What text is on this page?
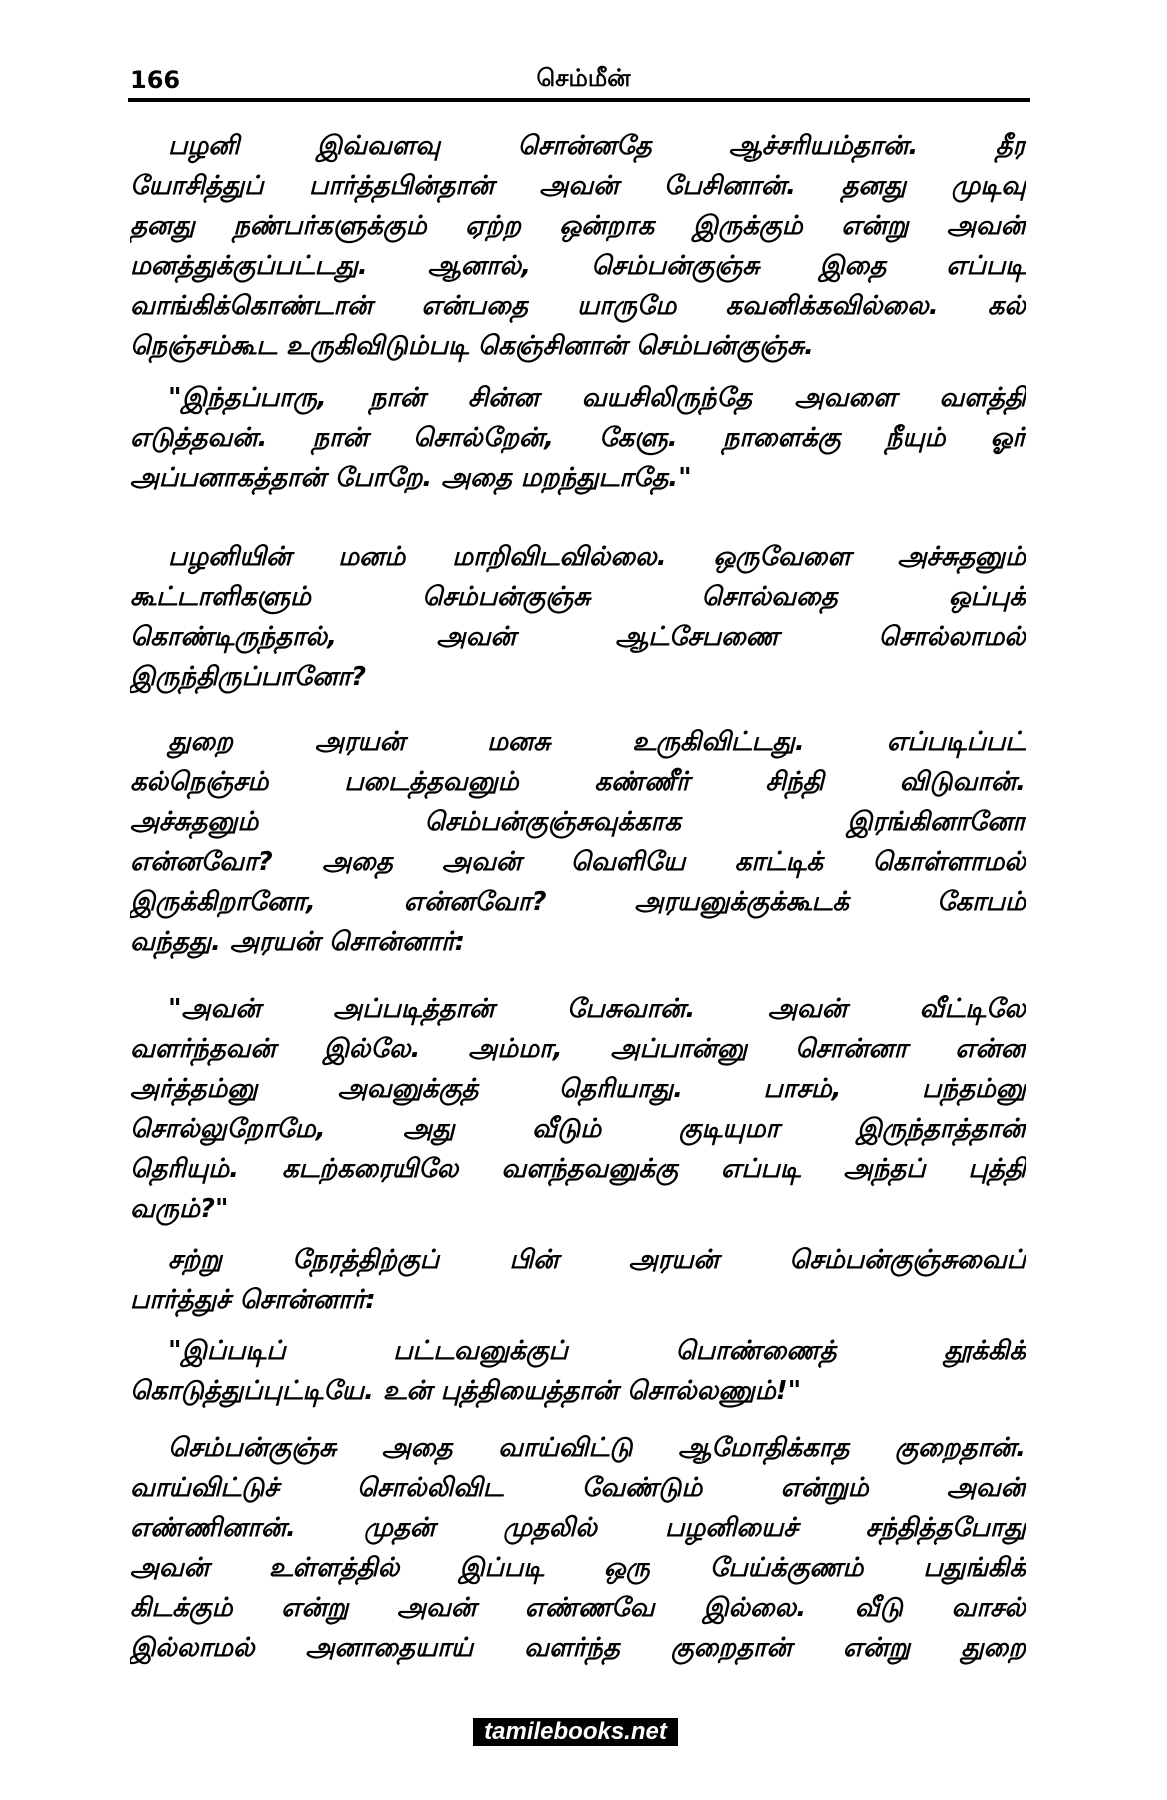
166	செம்மீன்
பழனி இவ்வளவு சொன்னதே ஆச்சரியம்தான். தீர
யோசித்துப் பார்த்தபின்தான் அவன் பேசினான். தனது முடிவு
தனது நண்பர்களுக்கும் ஏற்ற ஒன்றாக இருக்கும் என்று அவன்
மனத்துக்குப்பட்டது. ஆனால், செம்பன்குஞ்சு இதை எப்படி
வாங்கிக்கொண்டான் என்பதை யாருமே கவனிக்கவில்லை. கல்
நெஞ்சம்கூட உருகிவிடும்படி கெஞ்சினான் செம்பன்குஞ்சு.
"இந்தப்பாரு, நான் சின்ன வயசிலிருந்தே அவளை வளத்தி
எடுத்தவன். நான் சொல்றேன், கேளு. நாளைக்கு நீயும் ஓர்
அப்பனாகத்தான் போறே. அதை மறந்துடாதே."
பழனியின் மனம் மாறிவிடவில்லை. ஒருவேளை அச்சுதனும்
கூட்டாளிகளும் செம்பன்குஞ்சு சொல்வதை ஒப்புக்
கொண்டிருந்தால், அவன் ஆட்சேபணை சொல்லாமல்
இருந்திருப்பானோ?
துறை அரயன் மனசு உருகிவிட்டது. எப்படிப்பட்
கல்நெஞ்சம் படைத்தவனும் கண்ணீர் சிந்தி விடுவான்.
அச்சுதனும் செம்பன்குஞ்சுவுக்காக இரங்கினானோ
என்னவோ? அதை அவன் வெளியே காட்டிக் கொள்ளாமல்
இருக்கிறானோ, என்னவோ? அரயனுக்குக்கூடக் கோபம்
வந்தது. அரயன் சொன்னார்:
"அவன் அப்படித்தான் பேசுவான். அவன் வீட்டிலே
வளர்ந்தவன் இல்லே. அம்மா, அப்பான்னு சொன்னா என்ன
அர்த்தம்னு அவனுக்குத் தெரியாது. பாசம், பந்தம்னு
சொல்லுறோமே, அது வீடும் குடியுமா இருந்தாத்தான்
தெரியும். கடற்கரையிலே வளந்தவனுக்கு எப்படி அந்தப் புத்தி
வரும்?"
சற்று நேரத்திற்குப் பின் அரயன் செம்பன்குஞ்சுவைப்
பார்த்துச் சொன்னார்:
"இப்படிப் பட்டவனுக்குப் பொண்ணைத் தூக்கிக்
கொடுத்துப்புட்டியே. உன் புத்தியைத்தான் சொல்லணும்!"
செம்பன்குஞ்சு அதை வாய்விட்டு ஆமோதிக்காத குறைதான்.
வாய்விட்டுச் சொல்லிவிட வேண்டும் என்றும் அவன்
எண்ணினான். முதன் முதலில் பழனியைச் சந்தித்தபோது
அவன் உள்ளத்தில் இப்படி ஒரு பேய்க்குணம் பதுங்கிக்
கிடக்கும் என்று அவன் எண்ணவே இல்லை. வீடு வாசல்
இல்லாமல் அனாதையாய் வளர்ந்த குறைதான் என்று துறை
tamilebooks.net
